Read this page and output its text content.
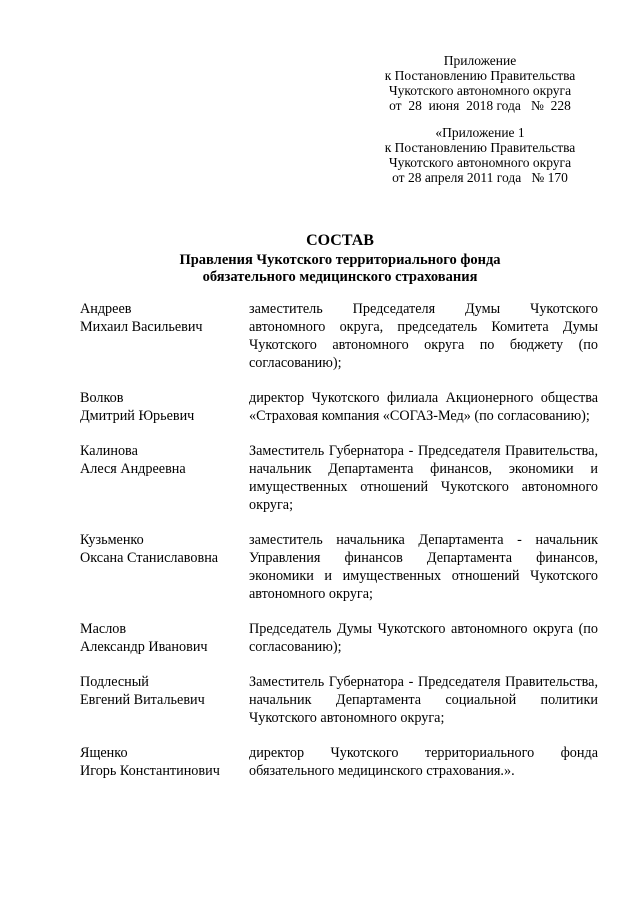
Приложение
к Постановлению Правительства
Чукотского автономного округа
от  28  июня  2018 года   №  228
«Приложение 1
к Постановлению Правительства
Чукотского автономного округа
от 28 апреля 2011 года   № 170
СОСТАВ
Правления Чукотского территориального фонда
обязательного медицинского страхования
Андреев
Михаил Васильевич
заместитель Председателя Думы Чукотского автономного округа, председатель Комитета Думы Чукотского автономного округа по бюджету (по согласованию);
Волков
Дмитрий Юрьевич
директор Чукотского филиала Акционерного общества «Страховая компания «СОГАЗ-Мед» (по согласованию);
Калинова
Алеся Андреевна
Заместитель Губернатора - Председателя Правительства, начальник Департамента финансов, экономики и имущественных отношений Чукотского автономного округа;
Кузьменко
Оксана Станиславовна
заместитель начальника Департамента - начальник Управления финансов Департамента финансов, экономики и имущественных отношений Чукотского автономного округа;
Маслов
Александр Иванович
Председатель Думы Чукотского автономного округа (по согласованию);
Подлесный
Евгений Витальевич
Заместитель Губернатора - Председателя Правительства, начальник Департамента социальной политики Чукотского автономного округа;
Ященко
Игорь Константинович
директор Чукотского территориального фонда обязательного медицинского страхования.».
